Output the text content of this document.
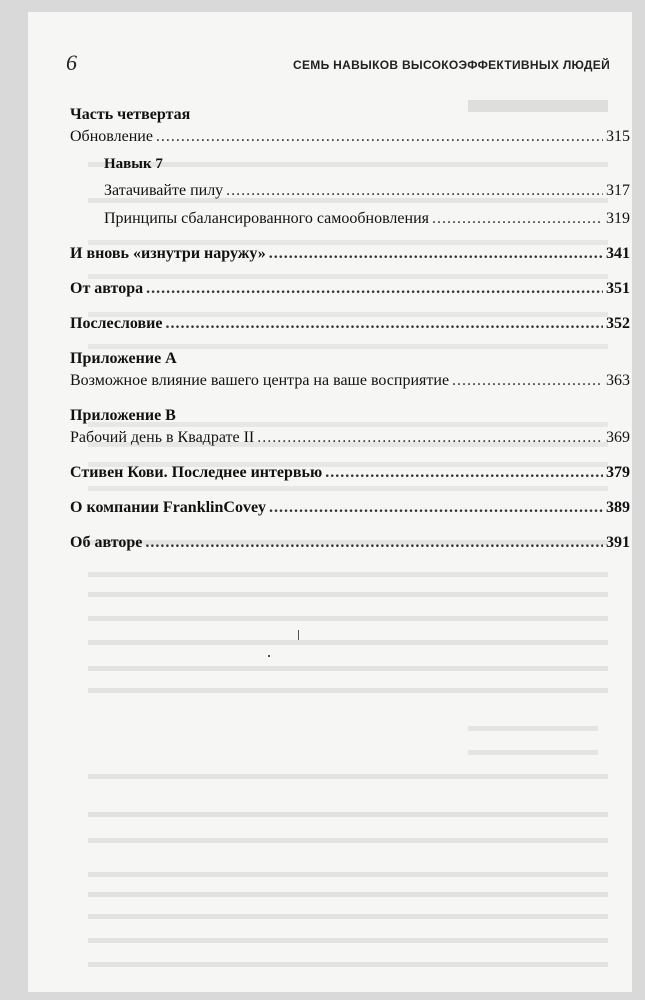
6	СЕМЬ НАВЫКОВ ВЫСОКОЭФФЕКТИВНЫХ ЛЮДЕЙ
Часть четвертая
Обновление .....	315
Навык 7
Затачивайте пилу .....	317
Принципы сбалансированного самообновления .....	319
И вновь «изнутри наружу» .....	341
От автора .....	351
Послесловие .....	352
Приложение А
Возможное влияние вашего центра на ваше восприятие .....	363
Приложение В
Рабочий день в Квадрате II .....	369
Стивен Кови. Последнее интервью .....	379
О компании FranklinCovey .....	389
Об авторе .....	391
